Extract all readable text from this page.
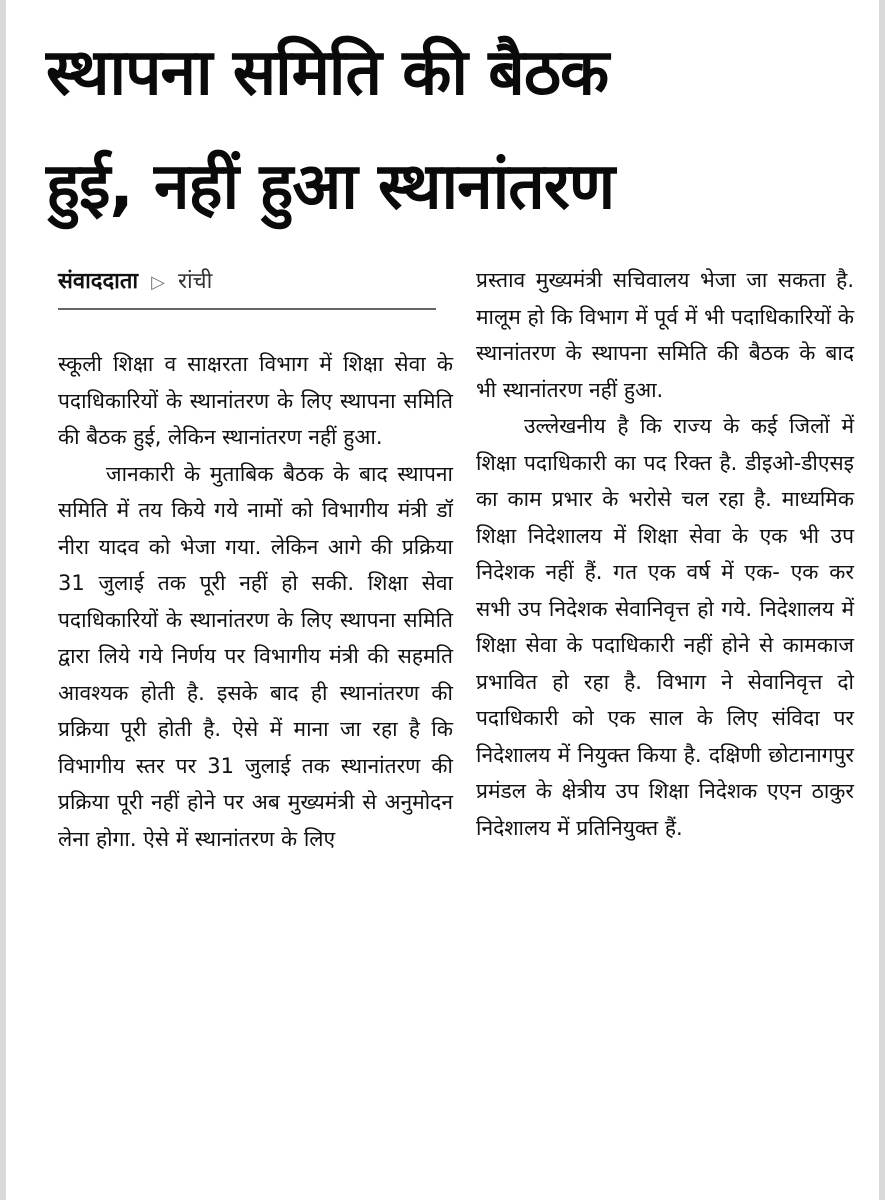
स्थापना समिति की बैठक
हुई, नहीं हुआ स्थानांतरण
संवाददाता ▷ रांची

स्कूली शिक्षा व साक्षरता विभाग में शिक्षा सेवा के पदाधिकारियों के स्थानांतरण के लिए स्थापना समिति की बैठक हुई, लेकिन स्थानांतरण नहीं हुआ.

जानकारी के मुताबिक बैठक के बाद स्थापना समिति में तय किये गये नामों को विभागीय मंत्री डॉ नीरा यादव को भेजा गया. लेकिन आगे की प्रक्रिया 31 जुलाई तक पूरी नहीं हो सकी. शिक्षा सेवा पदाधिकारियों के स्थानांतरण के लिए स्थापना समिति द्वारा लिये गये निर्णय पर विभागीय मंत्री की सहमति आवश्यक होती है. इसके बाद ही स्थानांतरण की प्रक्रिया पूरी होती है. ऐसे में माना जा रहा है कि विभागीय स्तर पर 31 जुलाई तक स्थानांतरण की प्रक्रिया पूरी नहीं होने पर अब मुख्यमंत्री से अनुमोदन लेना होगा. ऐसे में स्थानांतरण के लिए

प्रस्ताव मुख्यमंत्री सचिवालय भेजा जा सकता है. मालूम हो कि विभाग में पूर्व में भी पदाधिकारियों के स्थानांतरण के स्थापना समिति की बैठक के बाद भी स्थानांतरण नहीं हुआ.

उल्लेखनीय है कि राज्य के कई जिलों में शिक्षा पदाधिकारी का पद रिक्त है. डीइओ-डीएसइ का काम प्रभार के भरोसे चल रहा है. माध्यमिक शिक्षा निदेशालय में शिक्षा सेवा के एक भी उप निदेशक नहीं हैं. गत एक वर्ष में एक- एक कर सभी उप निदेशक सेवानिवृत्त हो गये. निदेशालय में शिक्षा सेवा के पदाधिकारी नहीं होने से कामकाज प्रभावित हो रहा है. विभाग ने सेवानिवृत्त दो पदाधिकारी को एक साल के लिए संविदा पर निदेशालय में नियुक्त किया है. दक्षिणी छोटानागपुर प्रमंडल के क्षेत्रीय उप शिक्षा निदेशक एएन ठाकुर निदेशालय में प्रतिनियुक्त हैं.
